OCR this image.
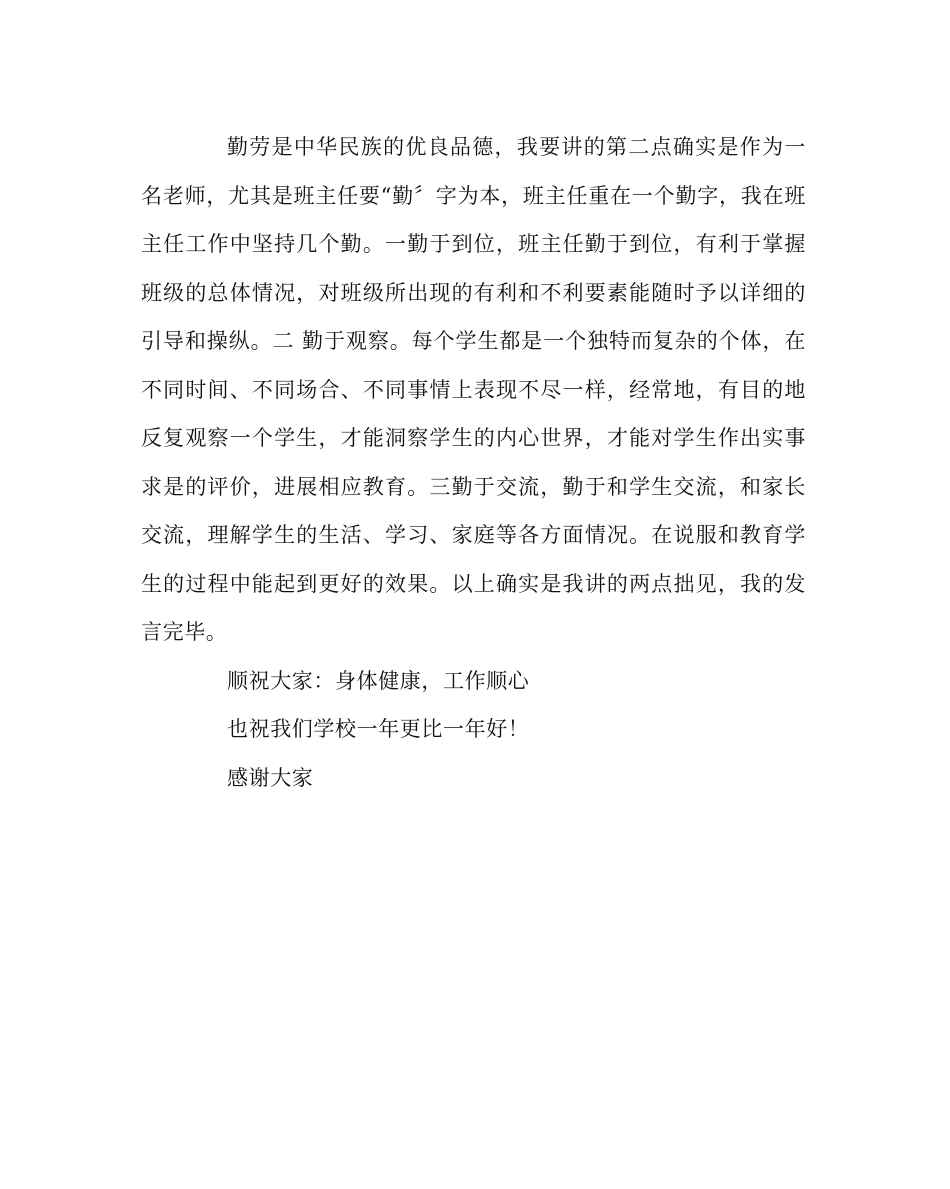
勤劳是中华民族的优良品德，我要讲的第二点确实是作为一名老师，尤其是班主任要“勤〞字为本，班主任重在一个勤字，我在班主任工作中坚持几个勤。一勤于到位，班主任勤于到位，有利于掌握班级的总体情况，对班级所出现的有利和不利要素能随时予以详细的引导和操纵。二 勤于观察。每个学生都是一个独特而复杂的个体，在不同时间、不同场合、不同事情上表现不尽一样，经常地，有目的地反复观察一个学生，才能洞察学生的内心世界，才能对学生作出实事求是的评价，进展相应教育。三勤于交流，勤于和学生交流，和家长交流，理解学生的生活、学习、家庭等各方面情况。在说服和教育学生的过程中能起到更好的效果。以上确实是我讲的两点拙见，我的发言完毕。

顺祝大家：身体健康，工作顺心

也祝我们学校一年更比一年好！

感谢大家
